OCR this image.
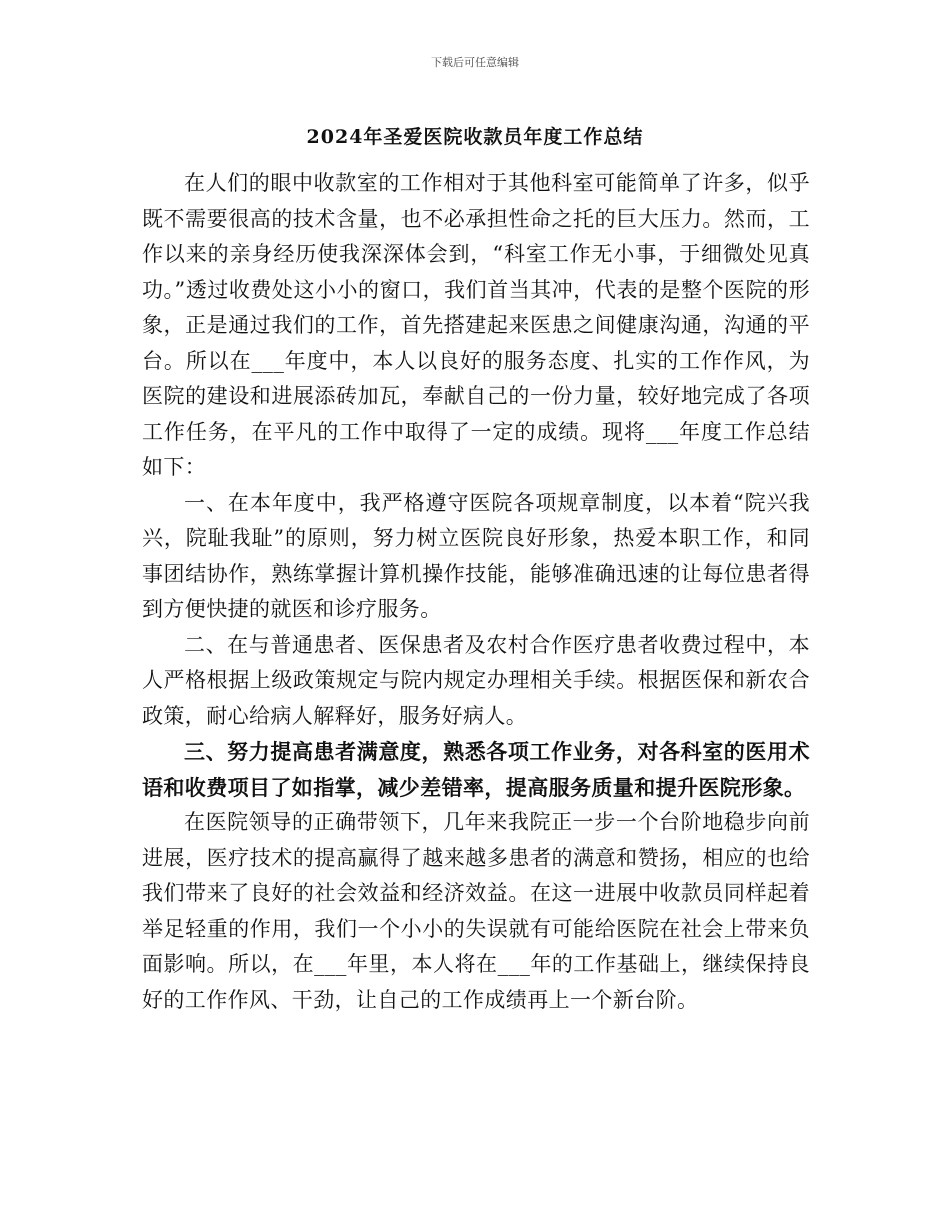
下载后可任意编辑
2024年圣爱医院收款员年度工作总结

在人们的眼中收款室的工作相对于其他科室可能简单了许多，似乎既不需要很高的技术含量，也不必承担性命之托的巨大压力。然而，工作以来的亲身经历使我深深体会到，“科室工作无小事，于细微处见真功。”透过收费处这小小的窗口，我们首当其冲，代表的是整个医院的形象，正是通过我们的工作，首先搭建起来医患之间健康沟通，沟通的平台。所以在___年度中，本人以良好的服务态度、扎实的工作作风，为医院的建设和进展添砖加瓦，奉献自己的一份力量，较好地完成了各项工作任务，在平凡的工作中取得了一定的成绩。现将___年度工作总结如下：

一、在本年度中，我严格遵守医院各项规章制度，以本着“院兴我兴，院耻我耻”的原则，努力树立医院良好形象，热爱本职工作，和同事团结协作，熟练掌握计算机操作技能，能够准确迅速的让每位患者得到方便快捷的就医和诊疗服务。

二、在与普通患者、医保患者及农村合作医疗患者收费过程中，本人严格根据上级政策规定与院内规定办理相关手续。根据医保和新农合政策，耐心给病人解释好，服务好病人。

三、努力提高患者满意度，熟悉各项工作业务，对各科室的医用术语和收费项目了如指掌，减少差错率，提高服务质量和提升医院形象。

在医院领导的正确带领下，几年来我院正一步一个台阶地稳步向前进展，医疗技术的提高赢得了越来越多患者的满意和赞扬，相应的也给我们带来了良好的社会效益和经济效益。在这一进展中收款员同样起着举足轻重的作用，我们一个小小的失误就有可能给医院在社会上带来负面影响。所以，在___年里，本人将在___年的工作基础上，继续保持良好的工作作风、干劲，让自己的工作成绩再上一个新台阶。
